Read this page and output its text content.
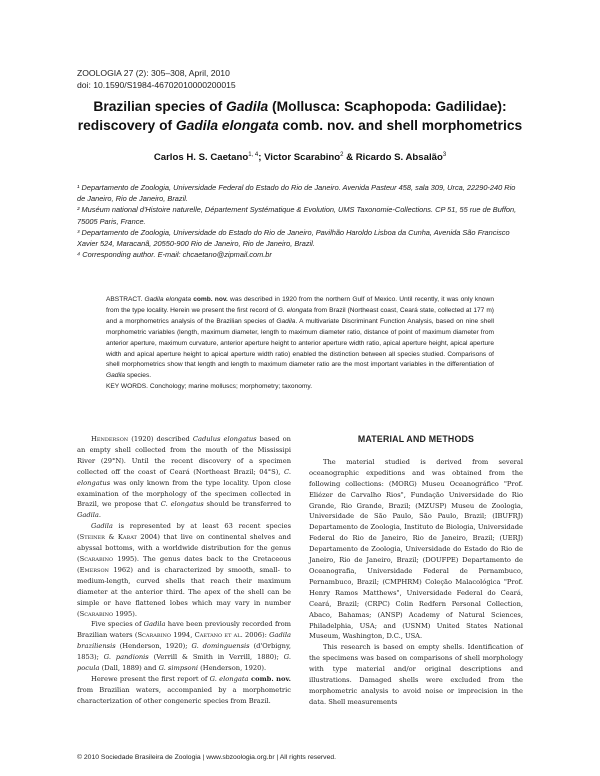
ZOOLOGIA 27 (2): 305–308, April, 2010
doi: 10.1590/S1984-46702010000200015
Brazilian species of Gadila (Mollusca: Scaphopoda: Gadilidae):
rediscovery of Gadila elongata comb. nov. and shell morphometrics
Carlos H. S. Caetano$^{1, 4}$; Victor Scarabino$^2$ & Ricardo S. Absalão$^3$

¹ Departamento de Zoologia, Universidade Federal do Estado do Rio de Janeiro. Avenida Pasteur 458, sala 309, Urca, 22290-240 Rio de Janeiro, Rio de Janeiro, Brazil.

² Muséum national d'Histoire naturelle, Département Systématique & Evolution, UMS Taxonomie-Collections. CP 51, 55 rue de Buffon, 75005 Paris, France.

³ Departamento de Zoologia, Universidade do Estado do Rio de Janeiro, Pavilhão Haroldo Lisboa da Cunha, Avenida São Francisco Xavier 524, Maracanã, 20550-900 Rio de Janeiro, Rio de Janeiro, Brazil.

⁴ Corresponding author. E-mail: chcaetano@zipmail.com.br

ABSTRACT. Gadila elongata comb. nov. was described in 1920 from the northern Gulf of Mexico. Until recently, it was only known from the type locality. Herein we present the first record of G. elongata from Brazil (Northeast coast, Ceará state, collected at 177 m) and a morphometrics analysis of the Brazilian species of Gadila. A multivariate Discriminant Function Analysis, based on nine shell morphometric variables (length, maximum diameter, length to maximum diameter ratio, distance of point of maximum diameter from anterior aperture, maximum curvature, anterior aperture height to anterior aperture width ratio, apical aperture height, apical aperture width and apical aperture height to apical aperture width ratio) enabled the distinction between all species studied. Comparisons of shell morphometrics show that length and length to maximum diameter ratio are the most important variables in the differentiation of Gadila species.

KEY WORDS. Conchology; marine molluscs; morphometry; taxonomy.

Henderson (1920) described Cadulus elongatus based on an empty shell collected from the mouth of the Mississipi River (29°N). Until the recent discovery of a specimen collected off the coast of Ceará (Northeast Brazil; 04°S), C. elongatus was only known from the type locality. Upon close examination of the morphology of the specimen collected in Brazil, we propose that C. elongatus should be transferred to Gadila.

Gadila is represented by at least 63 recent species (Steiner & Kabat 2004) that live on continental shelves and abyssal bottoms, with a worldwide distribution for the genus (Scarabino 1995). The genus dates back to the Cretaceous (Emerson 1962) and is characterized by smooth, small- to medium-length, curved shells that reach their maximum diameter at the anterior third. The apex of the shell can be simple or have flattened lobes which may vary in number (Scarabino 1995).

Five species of Gadila have been previously recorded from Brazilian waters (Scarabino 1994, Caetano et al. 2006): Gadila braziliensis (Henderson, 1920); G. dominguensis (d'Orbigny, 1853); G. pandionis (Verrill & Smith in Verrill, 1880); G. pocula (Dall, 1889) and G. simpsoni (Henderson, 1920).

Herewe present the first report of G. elongata comb. nov. from Brazilian waters, accompanied by a morphometric characterization of other congeneric species from Brazil.

MATERIAL AND METHODS

The material studied is derived from several oceanographic expeditions and was obtained from the following collections: (MORG) Museu Oceanográfico "Prof. Eliézer de Carvalho Rios", Fundação Universidade do Rio Grande, Rio Grande, Brazil; (MZUSP) Museu de Zoologia, Universidade de São Paulo, São Paulo, Brazil; (IBUFRJ) Departamento de Zoologia, Instituto de Biologia, Universidade Federal do Rio de Janeiro, Rio de Janeiro, Brazil; (UERJ) Departamento de Zoologia, Universidade do Estado do Rio de Janeiro, Rio de Janeiro, Brazil; (DOUFPE) Departamento de Oceanografia, Universidade Federal de Pernambuco, Pernambuco, Brazil; (CMPHRM) Coleção Malacológica "Prof. Henry Ramos Matthews", Universidade Federal do Ceará, Ceará, Brazil; (CRPC) Colin Redfern Personal Collection, Abaco, Bahamas; (ANSP) Academy of Natural Sciences, Philadelphia, USA; and (USNM) United States National Museum, Washington, D.C., USA.

This research is based on empty shells. Identification of the specimens was based on comparisons of shell morphology with type material and/or original descriptions and illustrations. Damaged shells were excluded from the morphometric analysis to avoid noise or imprecision in the data. Shell measurements

© 2010 Sociedade Brasileira de Zoologia | www.sbzoologia.org.br | All rights reserved.
